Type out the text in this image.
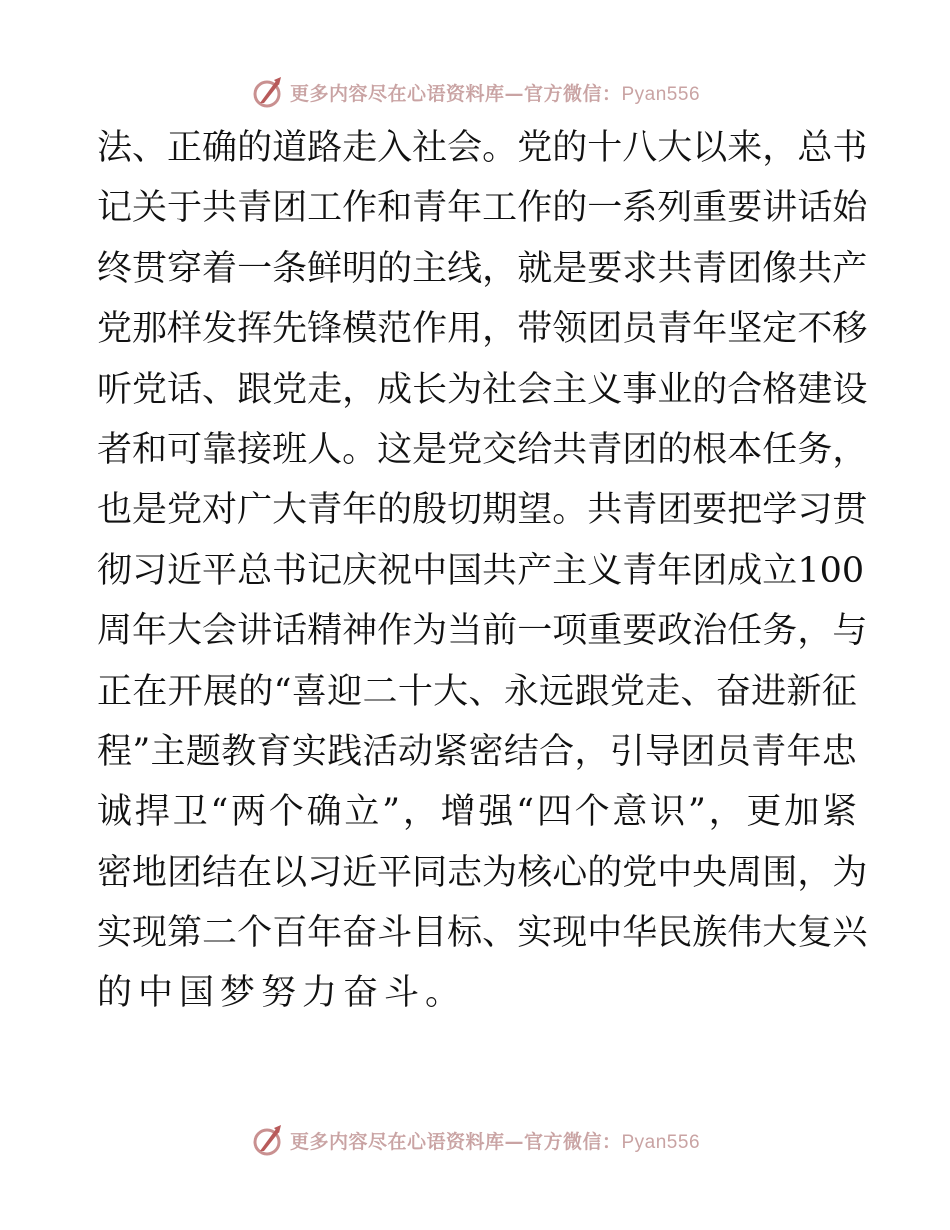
更多内容尽在心语资料库—官方微信：Pyan556
法 、 正 确 的 道 路 走 入 社 会 。 党 的 十 八 大 以 来 ， 总 书
记 关 于 共 青 团 工 作 和 青 年 工 作 的 一 系 列 重 要 讲 话 始
终 贯 穿 着 一 条 鲜 明 的 主 线 ， 就 是 要 求 共 青 团 像 共 产
党 那 样 发 挥 先 锋 模 范 作 用 ， 带 领 团 员 青 年 坚 定 不 移
听 党 话 、 跟 党 走 ， 成 长 为 社 会 主 义 事 业 的 合 格 建 设
者 和 可 靠 接 班 人 。 这 是 党 交 给 共 青 团 的 根 本 任 务 ，
也 是 党 对 广 大 青 年 的 殷 切 期 望 。 共 青 团 要 把 学 习 贯
彻 习 近 平 总 书 记 庆 祝 中 国 共 产 主 义 青 年 团 成 立 100
周 年 大 会 讲 话 精 神 作 为 当 前 一 项 重 要 政 治 任 务 ， 与
正 在 开 展 的 “ 喜 迎 二 十 大 、 永 远 跟 党 走 、 奋 进 新 征
程 ” 主 题 教 育 实 践 活 动 紧 密 结 合 ， 引 导 团 员 青 年 忠
诚 捍 卫 “ 两 个 确 立 ” ， 增 强 “ 四 个 意 识 ” ， 更 加 紧
密 地 团 结 在 以 习 近 平 同 志 为 核 心 的 党 中 央 周 围 ， 为
实 现 第 二 个 百 年 奋 斗 目 标 、 实 现 中 华 民 族 伟 大 复 兴
的中国梦努力奋斗。
更多内容尽在心语资料库—官方微信：Pyan556
